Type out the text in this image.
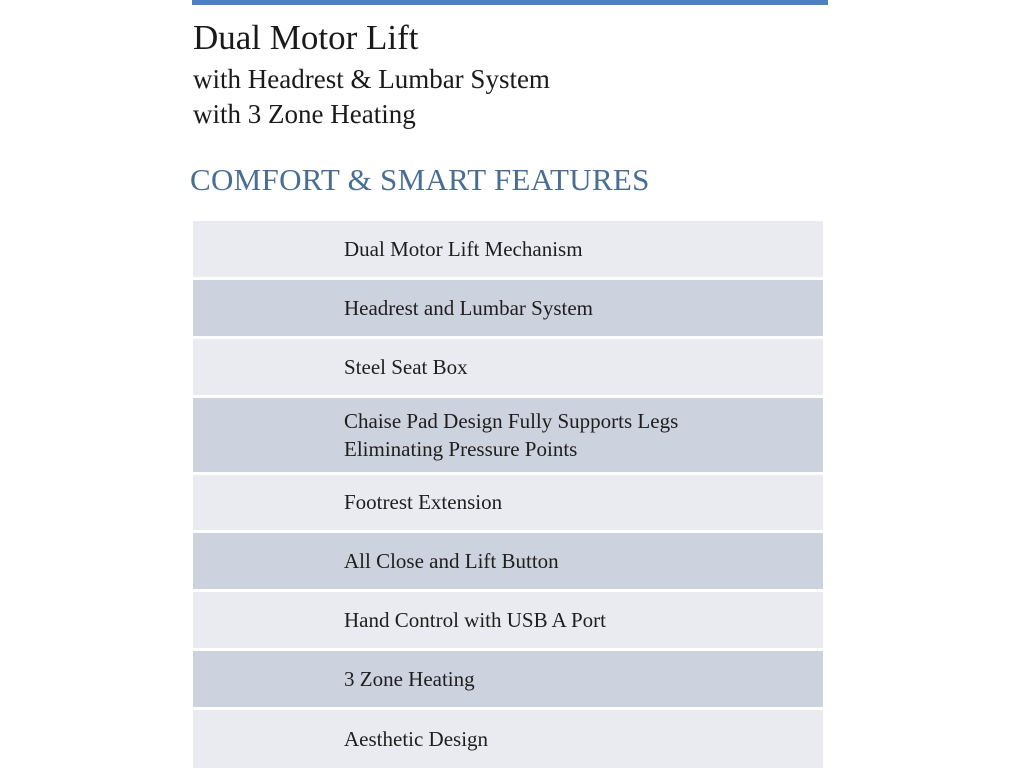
Dual Motor Lift

with Headrest & Lumbar System

with 3 Zone Heating

COMFORT & SMART FEATURES
Dual Motor Lift Mechanism
Headrest and Lumbar System
Steel Seat Box
Chaise Pad Design Fully Supports Legs
Eliminating Pressure Points
Footrest Extension
All Close and Lift Button
Hand Control with USB A Port
3 Zone Heating
Aesthetic Design
